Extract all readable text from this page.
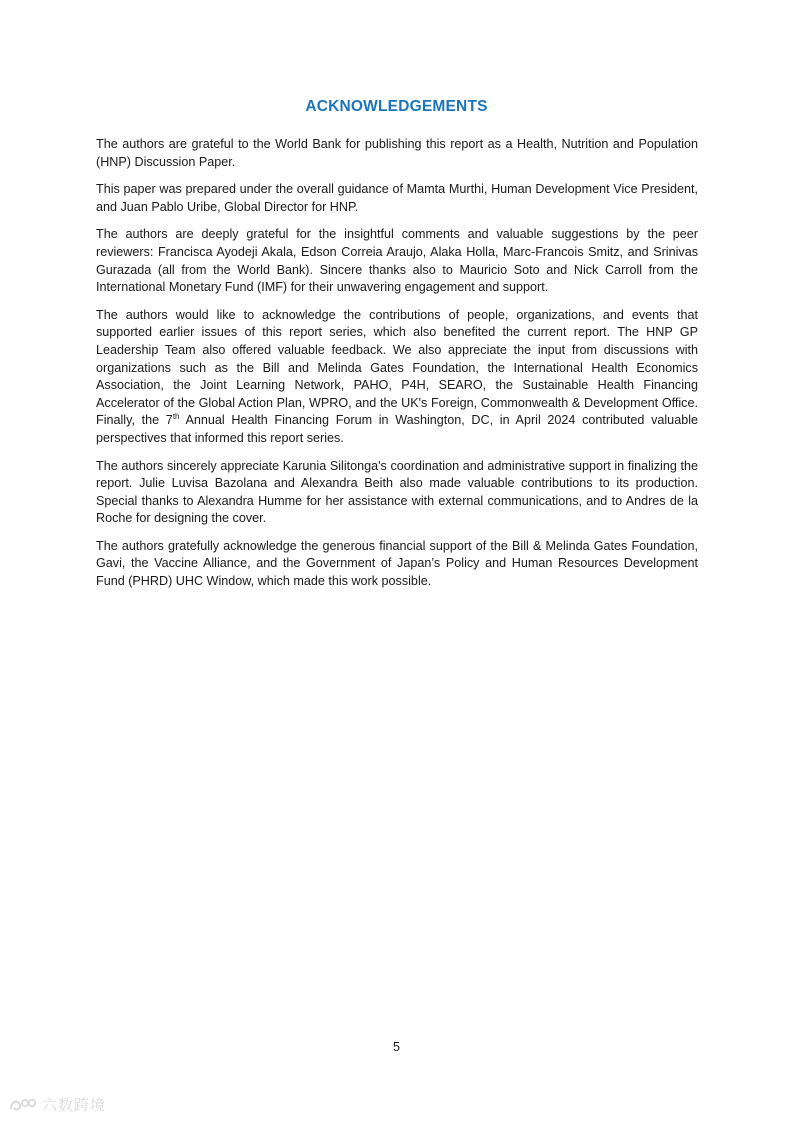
ACKNOWLEDGEMENTS

The authors are grateful to the World Bank for publishing this report as a Health, Nutrition and Population (HNP) Discussion Paper.

This paper was prepared under the overall guidance of Mamta Murthi, Human Development Vice President, and Juan Pablo Uribe, Global Director for HNP.

The authors are deeply grateful for the insightful comments and valuable suggestions by the peer reviewers: Francisca Ayodeji Akala, Edson Correia Araujo, Alaka Holla, Marc-Francois Smitz, and Srinivas Gurazada (all from the World Bank). Sincere thanks also to Mauricio Soto and Nick Carroll from the International Monetary Fund (IMF) for their unwavering engagement and support.

The authors would like to acknowledge the contributions of people, organizations, and events that supported earlier issues of this report series, which also benefited the current report. The HNP GP Leadership Team also offered valuable feedback. We also appreciate the input from discussions with organizations such as the Bill and Melinda Gates Foundation, the International Health Economics Association, the Joint Learning Network, PAHO, P4H, SEARO, the Sustainable Health Financing Accelerator of the Global Action Plan, WPRO, and the UK's Foreign, Commonwealth & Development Office. Finally, the 7th Annual Health Financing Forum in Washington, DC, in April 2024 contributed valuable perspectives that informed this report series.

The authors sincerely appreciate Karunia Silitonga's coordination and administrative support in finalizing the report. Julie Luvisa Bazolana and Alexandra Beith also made valuable contributions to its production. Special thanks to Alexandra Humme for her assistance with external communications, and to Andres de la Roche for designing the cover.

The authors gratefully acknowledge the generous financial support of the Bill & Melinda Gates Foundation, Gavi, the Vaccine Alliance, and the Government of Japan’s Policy and Human Resources Development Fund (PHRD) UHC Window, which made this work possible.

5
六数跨境
